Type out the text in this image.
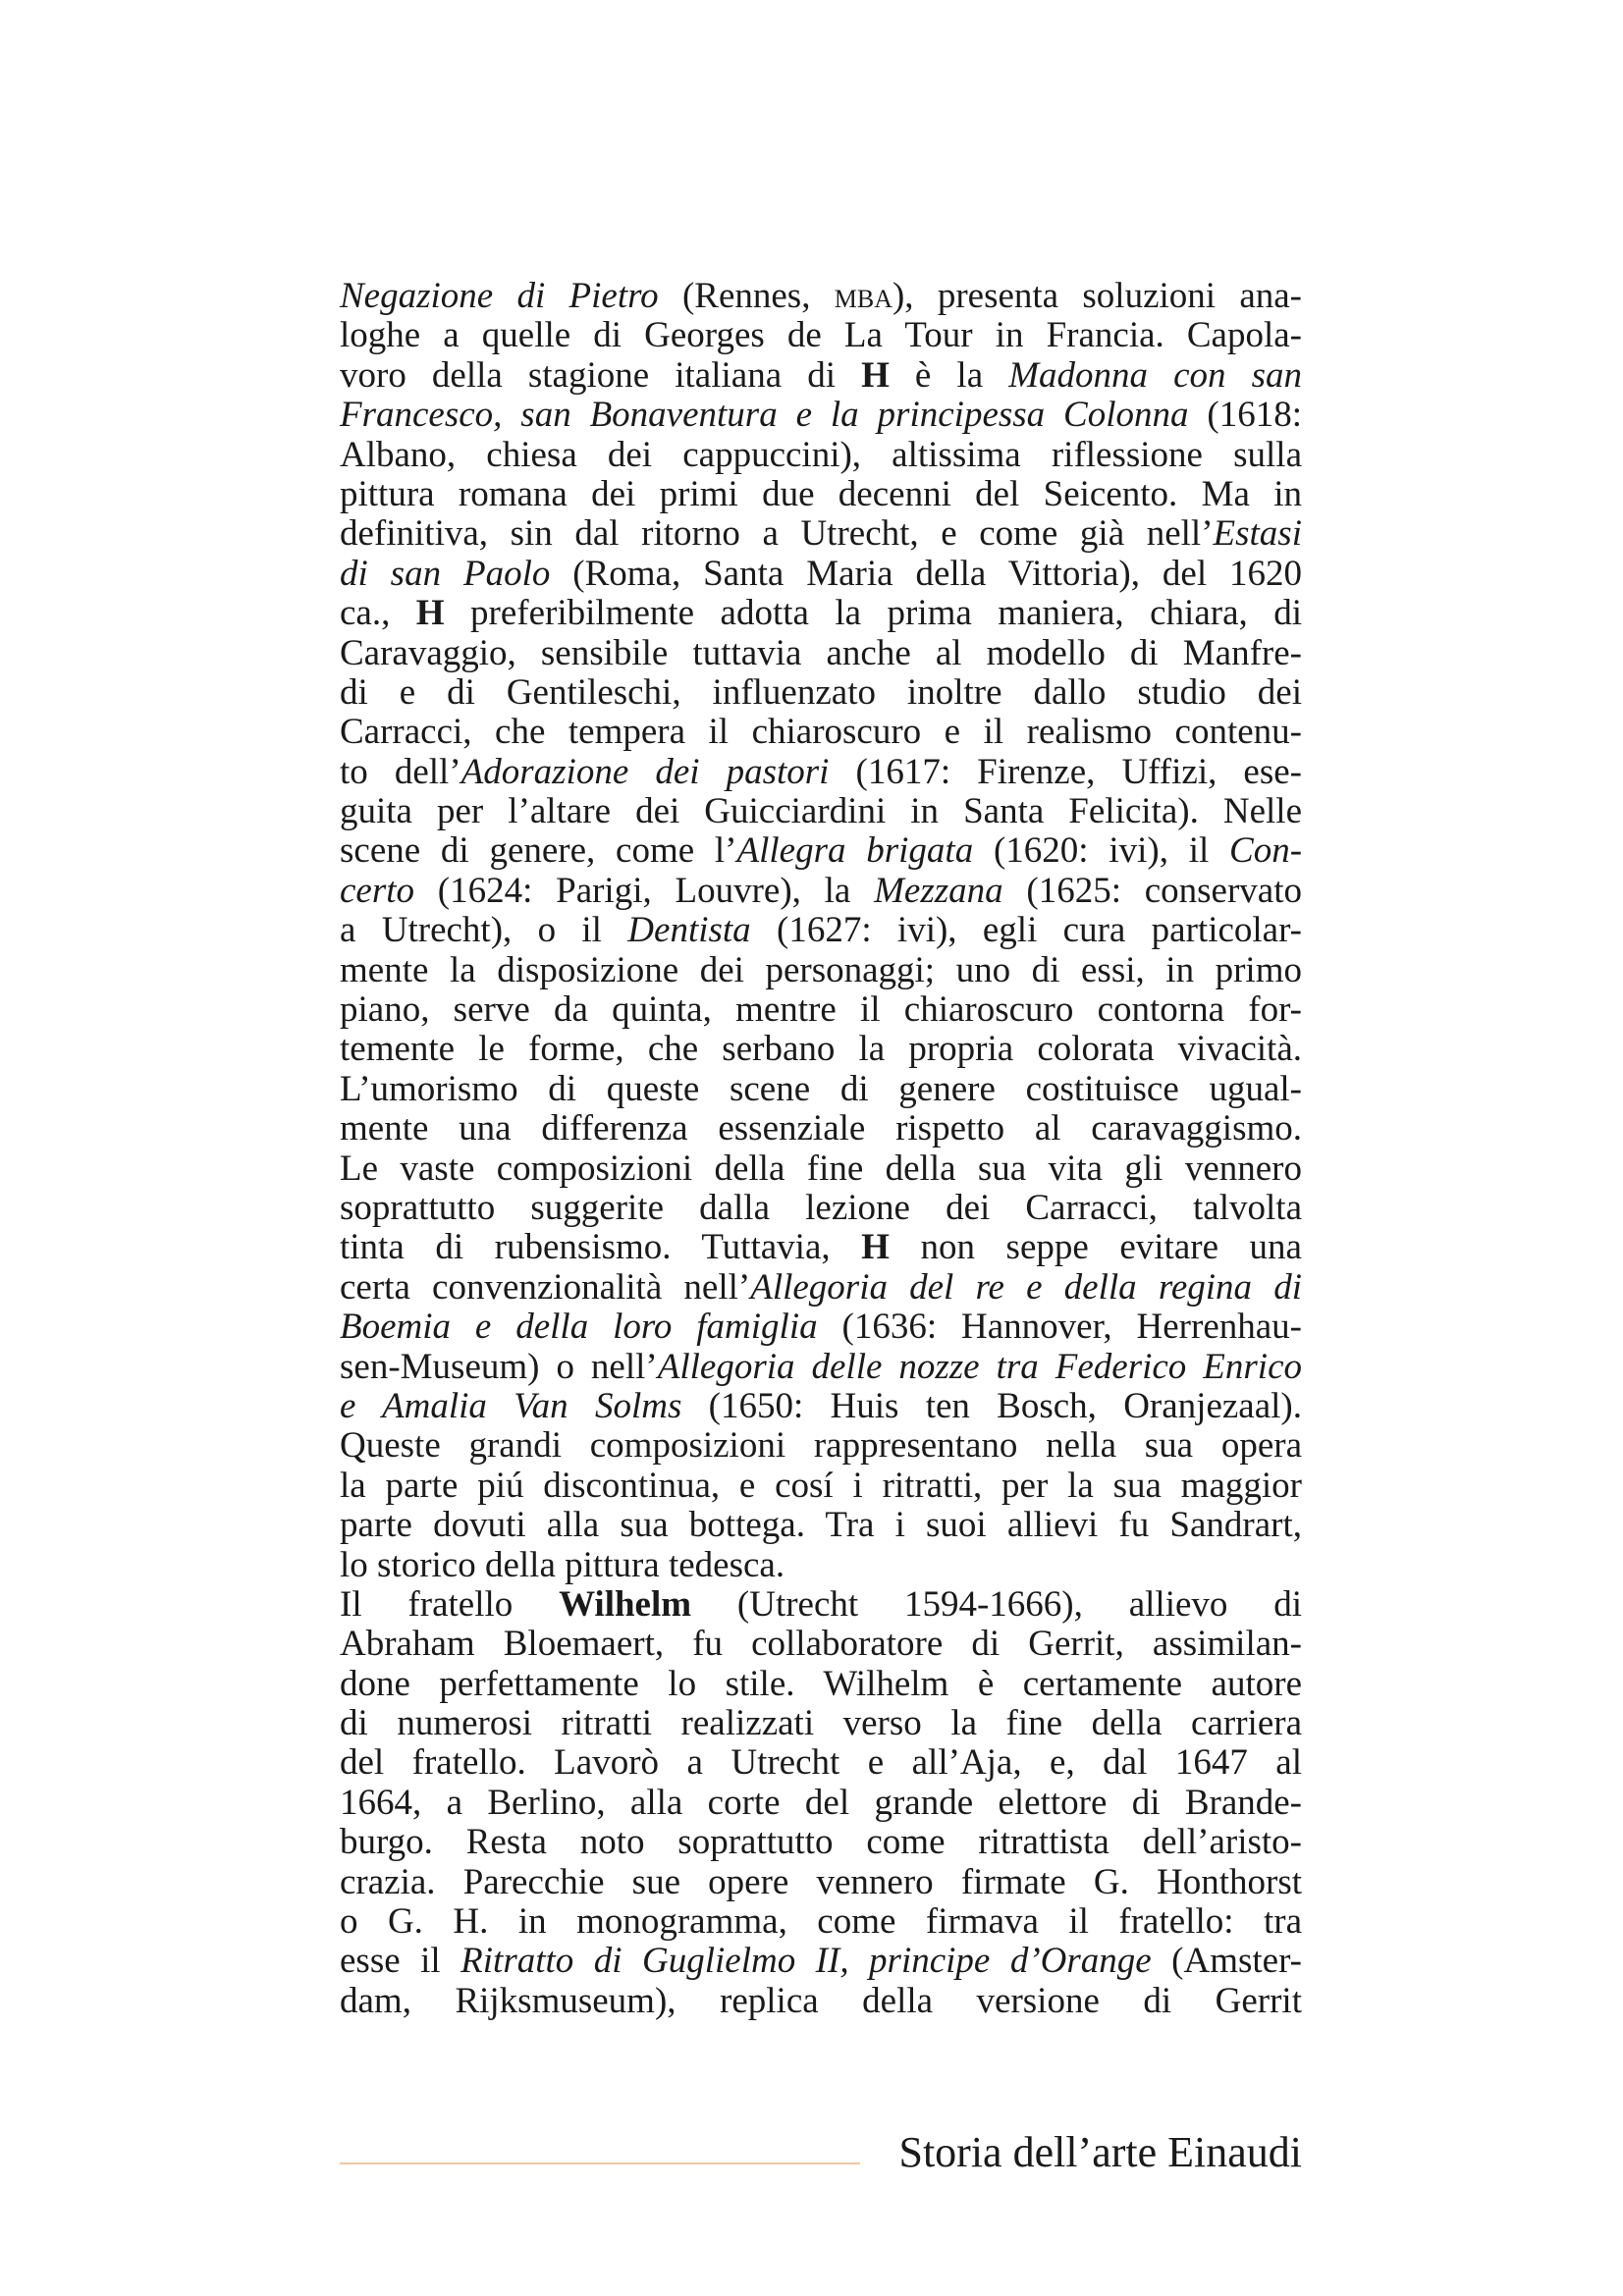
Negazione di Pietro (Rennes, mba), presenta soluzioni ana-
loghe a quelle di Georges de La Tour in Francia. Capola-
voro della stagione italiana di H è la Madonna con san
Francesco, san Bonaventura e la principessa Colonna (1618:
Albano, chiesa dei cappuccini), altissima riflessione sulla
pittura romana dei primi due decenni del Seicento. Ma in
definitiva, sin dal ritorno a Utrecht, e come già nell’Estasi
di san Paolo (Roma, Santa Maria della Vittoria), del 1620
ca., H preferibilmente adotta la prima maniera, chiara, di
Caravaggio, sensibile tuttavia anche al modello di Manfre-
di e di Gentileschi, influenzato inoltre dallo studio dei
Carracci, che tempera il chiaroscuro e il realismo contenu-
to dell’Adorazione dei pastori (1617: Firenze, Uffizi, ese-
guita per l’altare dei Guicciardini in Santa Felicita). Nelle
scene di genere, come l’Allegra brigata (1620: ivi), il Con-
certo (1624: Parigi, Louvre), la Mezzana (1625: conservato
a Utrecht), o il Dentista (1627: ivi), egli cura particolar-
mente la disposizione dei personaggi; uno di essi, in primo
piano, serve da quinta, mentre il chiaroscuro contorna for-
temente le forme, che serbano la propria colorata vivacità.
L’umorismo di queste scene di genere costituisce ugual-
mente una differenza essenziale rispetto al caravaggismo.
Le vaste composizioni della fine della sua vita gli vennero
soprattutto suggerite dalla lezione dei Carracci, talvolta
tinta di rubensismo. Tuttavia, H non seppe evitare una
certa convenzionalità nell’Allegoria del re e della regina di
Boemia e della loro famiglia (1636: Hannover, Herrenhau-
sen-Museum) o nell’Allegoria delle nozze tra Federico Enrico
e Amalia Van Solms (1650: Huis ten Bosch, Oranjezaal).
Queste grandi composizioni rappresentano nella sua opera
la parte piú discontinua, e cosí i ritratti, per la sua maggior
parte dovuti alla sua bottega. Tra i suoi allievi fu Sandrart,
lo storico della pittura tedesca.
Il fratello Wilhelm (Utrecht 1594-1666), allievo di
Abraham Bloemaert, fu collaboratore di Gerrit, assimilan-
done perfettamente lo stile. Wilhelm è certamente autore
di numerosi ritratti realizzati verso la fine della carriera
del fratello. Lavorò a Utrecht e all’Aja, e, dal 1647 al
1664, a Berlino, alla corte del grande elettore di Brande-
burgo. Resta noto soprattutto come ritrattista dell’aristo-
crazia. Parecchie sue opere vennero firmate G. Honthorst
o G. H. in monogramma, come firmava il fratello: tra
esse il Ritratto di Guglielmo II, principe d’Orange (Amster-
dam, Rijksmuseum), replica della versione di Gerrit
Storia dell’arte Einaudi
